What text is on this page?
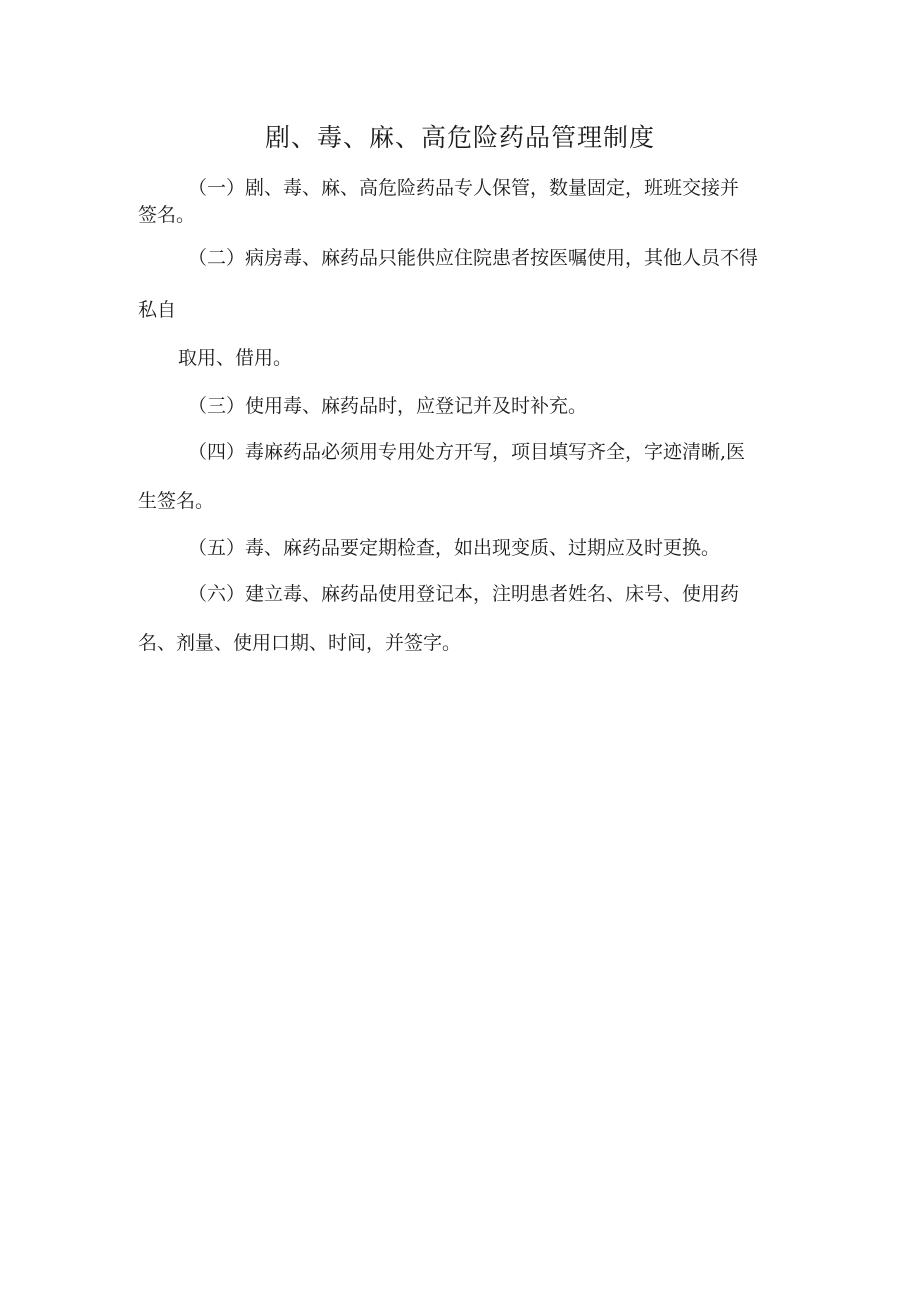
剧、毒、麻、高危险药品管理制度
（一）剧、毒、麻、高危险药品专人保管，数量固定，班班交接并
签名。
（二）病房毒、麻药品只能供应住院患者按医嘱使用，其他人员不得
私自
取用、借用。
（三）使用毒、麻药品时，应登记并及时补充。
（四）毒麻药品必须用专用处方开写，项目填写齐全，字迹清晰,医
生签名。
（五）毒、麻药品要定期检查，如出现变质、过期应及时更换。
（六）建立毒、麻药品使用登记本，注明患者姓名、床号、使用药
名、剂量、使用口期、时间，并签字。
